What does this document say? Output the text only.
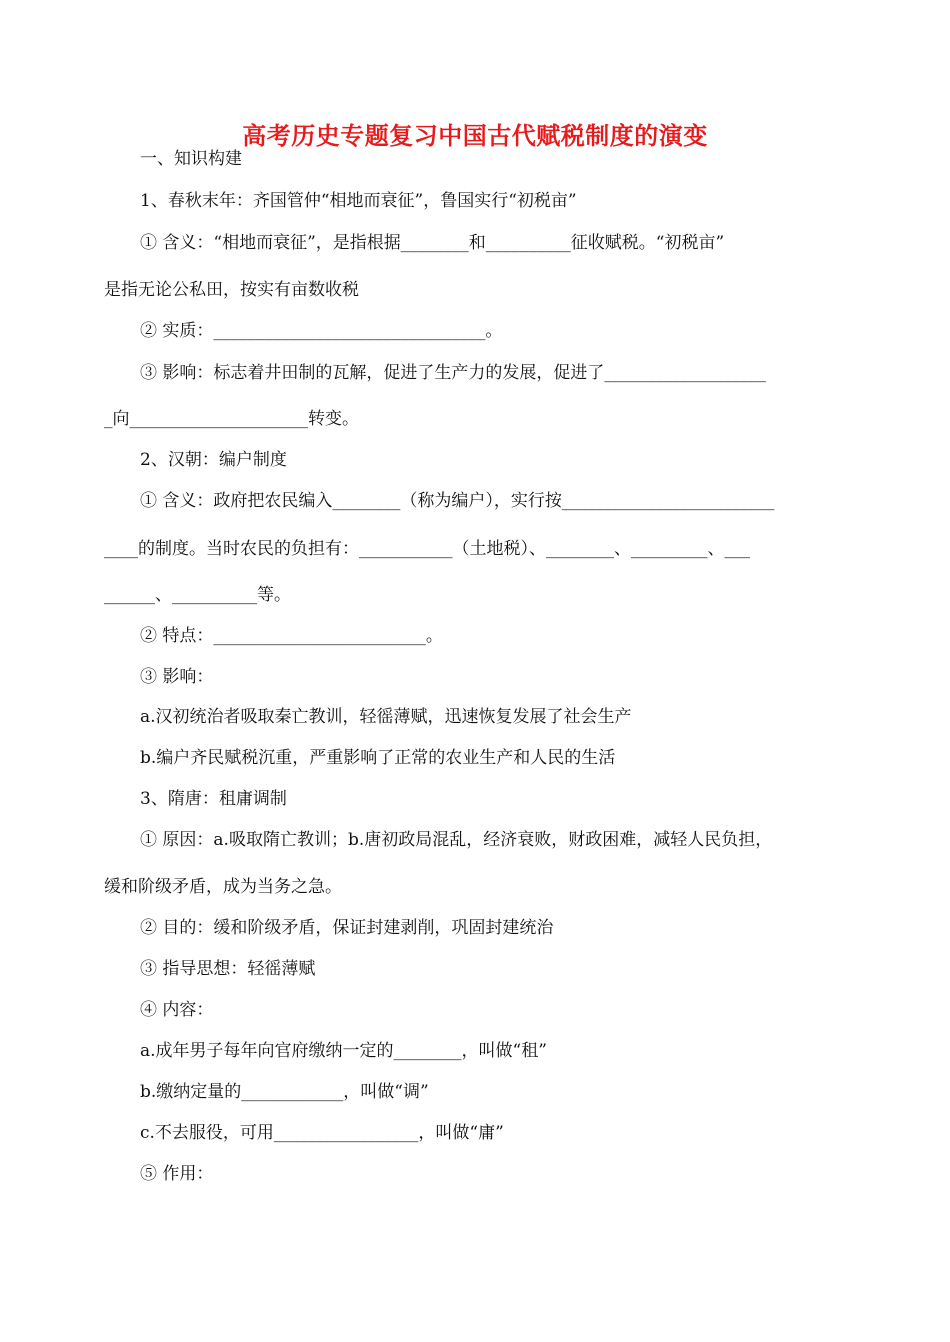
高考历史专题复习中国古代赋税制度的演变
一、知识构建
1、春秋末年：齐国管仲“相地而衰征”，鲁国实行“初税亩”
① 含义：“相地而衰征”，是指根据________和__________征收赋税。“初税亩”
是指无论公私田，按实有亩数收税
② 实质：________________________________。
③ 影响：标志着井田制的瓦解，促进了生产力的发展，促进了___________________
_向_____________________转变。
2、汉朝：编户制度
① 含义：政府把农民编入________（称为编户），实行按_________________________
____的制度。当时农民的负担有：___________（土地税）、________、_________、___
______、__________等。
② 特点：_________________________。
③ 影响：
a.汉初统治者吸取秦亡教训，轻徭薄赋，迅速恢复发展了社会生产
b.编户齐民赋税沉重，严重影响了正常的农业生产和人民的生活
3、隋唐：租庸调制
① 原因：a.吸取隋亡教训；b.唐初政局混乱，经济衰败，财政困难，减轻人民负担，
缓和阶级矛盾，成为当务之急。
② 目的：缓和阶级矛盾，保证封建剥削，巩固封建统治
③ 指导思想：轻徭薄赋
④ 内容：
a.成年男子每年向官府缴纳一定的________，叫做“租”
b.缴纳定量的____________，叫做“调”
c.不去服役，可用_________________，叫做“庸”
⑤ 作用：
